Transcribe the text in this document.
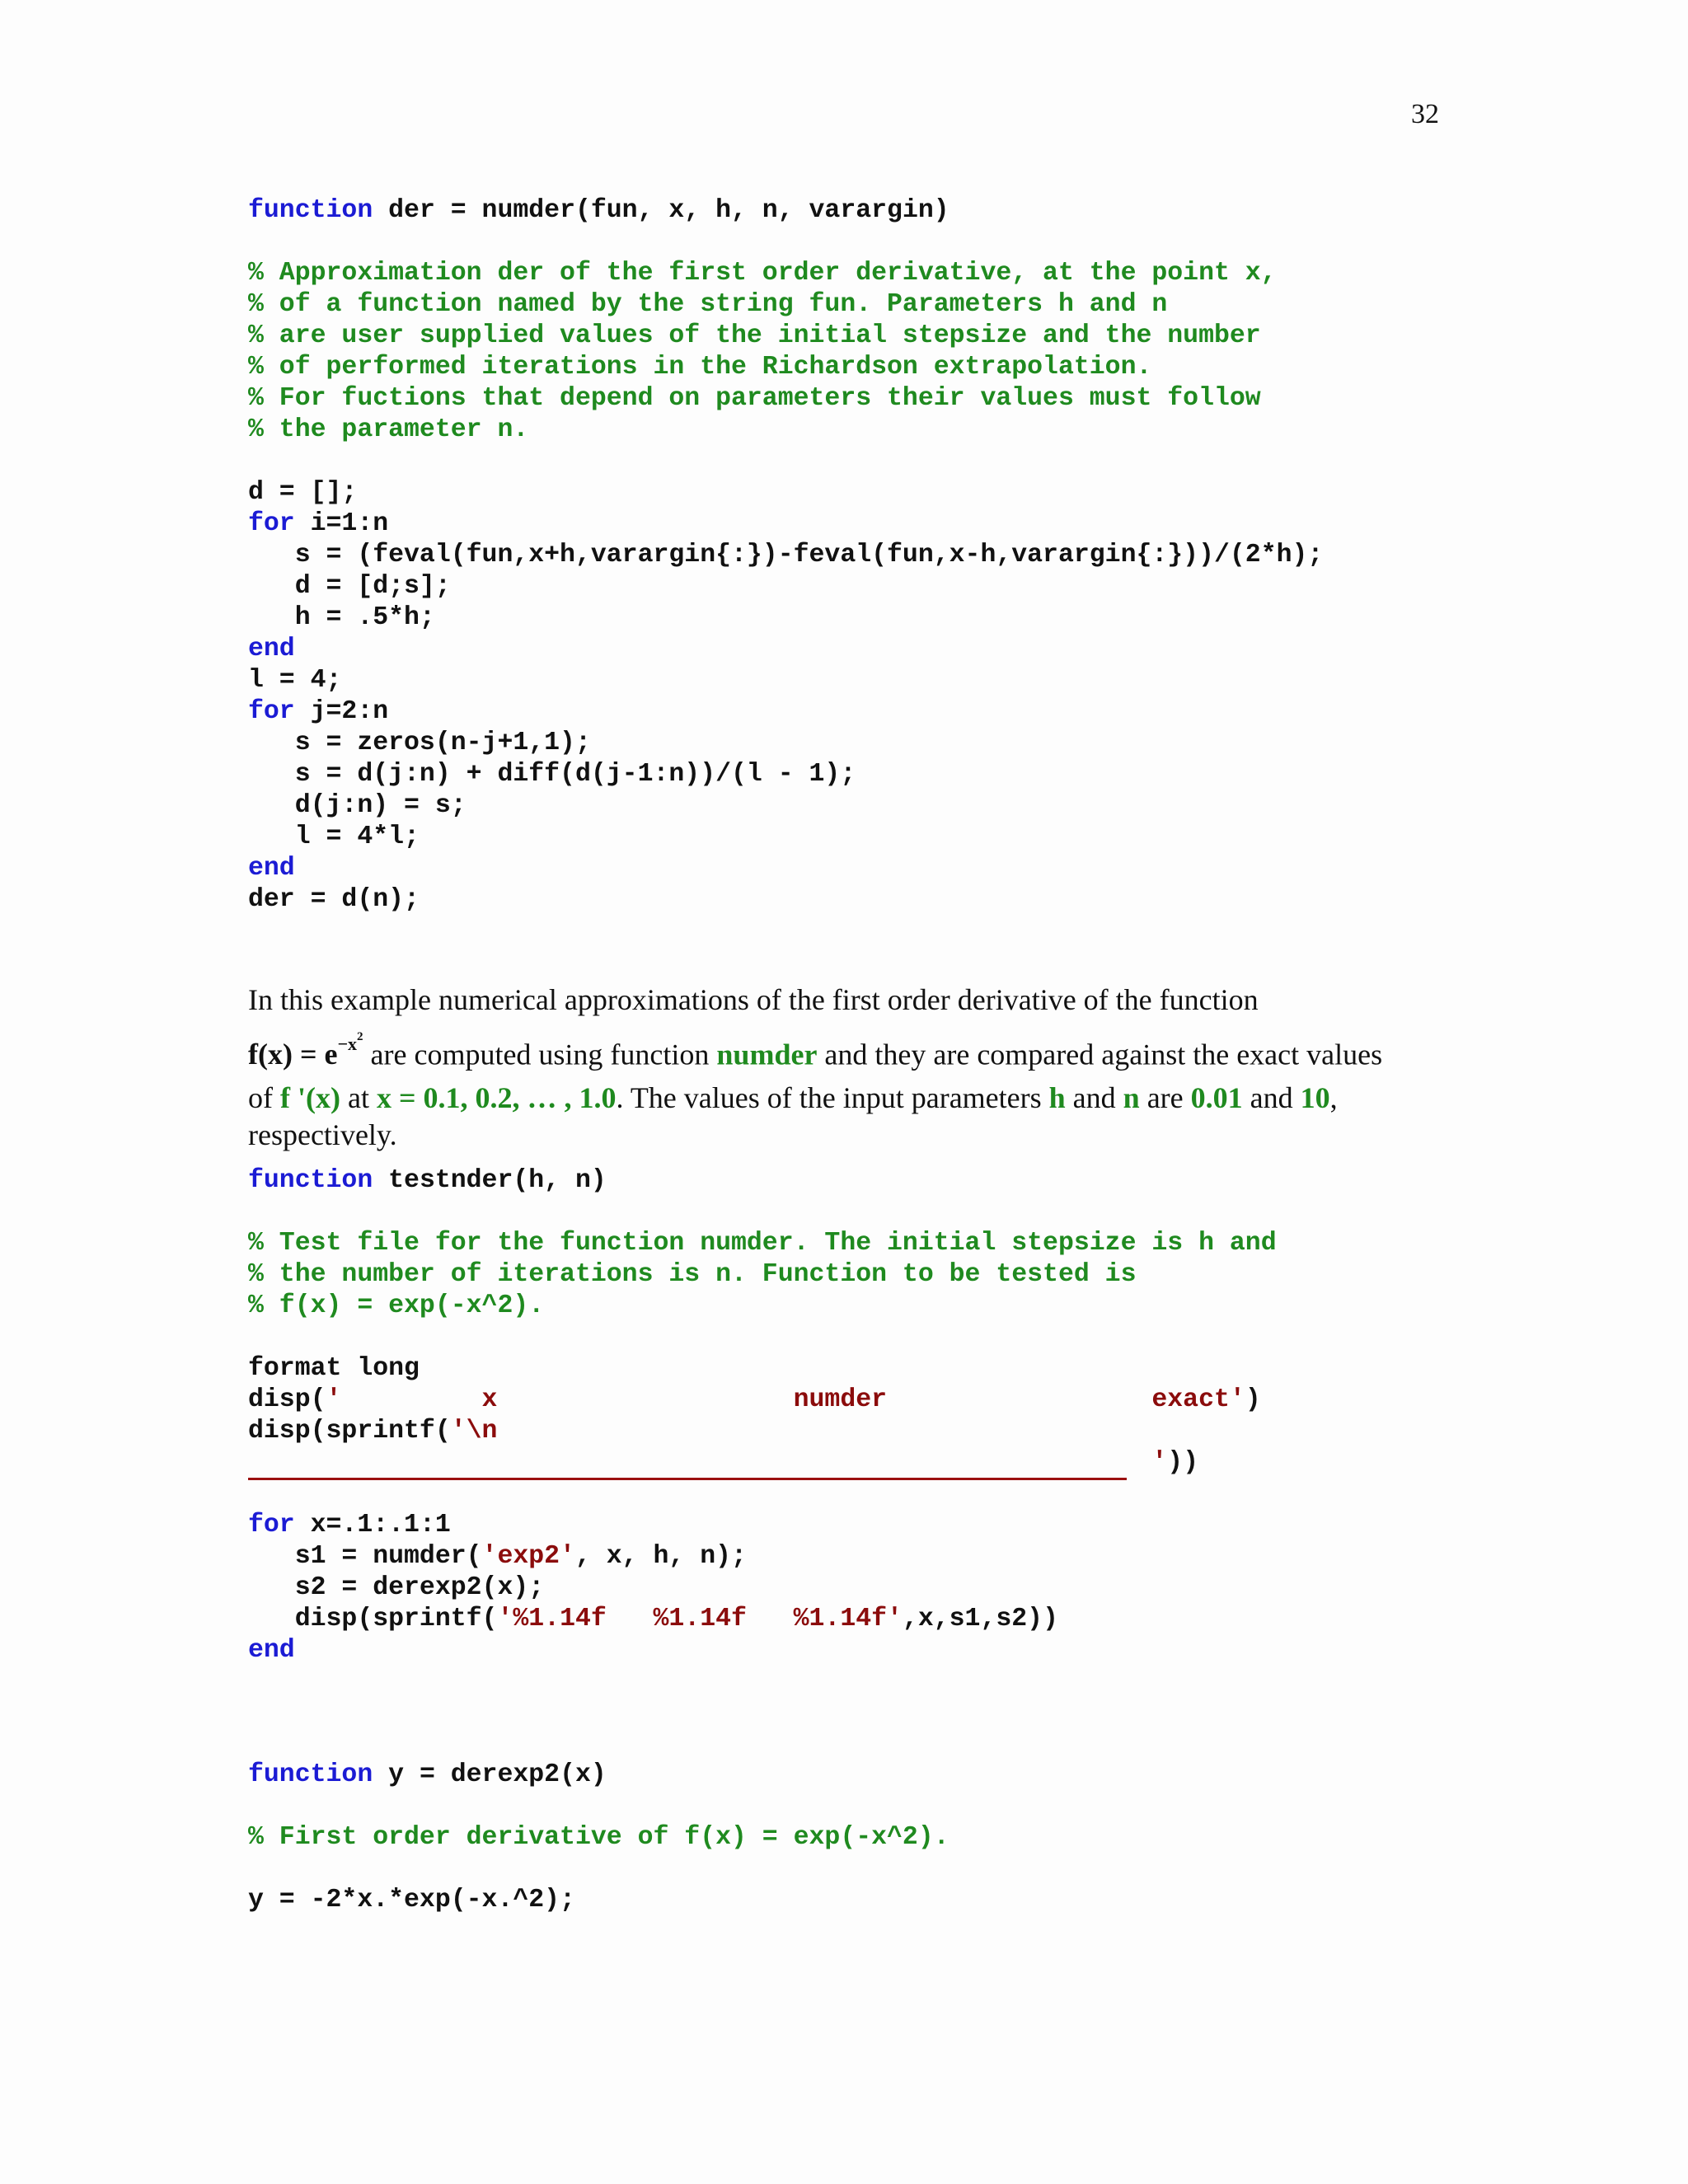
32
function der = numder(fun, x, h, n, varargin)

% Approximation der of the first order derivative, at the point x,
% of a function named by the string fun. Parameters h and n
% are user supplied values of the initial stepsize and the number
% of performed iterations in the Richardson extrapolation.
% For fuctions that depend on parameters their values must follow
% the parameter n.

d = [];
for i=1:n
s = (feval(fun,x+h,varargin{:})-feval(fun,x-h,varargin{:}))/(2*h);
d = [d;s];
h = .5*h;
end
l = 4;
for j=2:n
s = zeros(n-j+1,1);
s = d(j:n) + diff(d(j-1:n))/(l - 1);
d(j:n) = s;
l = 4*l;
end
der = d(n);
In this example numerical approximations of the first order derivative of the function
$f(x) = e^{-x^2}$ are computed using function numder and they are compared against the exact values
of f '(x) at x = 0.1, 0.2, … , 1.0. The values of the input parameters h and n are 0.01 and 10,
respectively.
function testnder(h, n)

% Test file for the function numder. The initial stepsize is h and
% the number of iterations is n. Function to be tested is
% f(x) = exp(-x^2).

format long
disp('         x                   numder                 exact')
disp(sprintf('\n
'))

for x=.1:.1:1
s1 = numder('exp2', x, h, n);
s2 = derexp2(x);
disp(sprintf('%1.14f   %1.14f   %1.14f',x,s1,s2))
end
function y = derexp2(x)

% First order derivative of f(x) = exp(-x^2).

y = -2*x.*exp(-x.^2);
